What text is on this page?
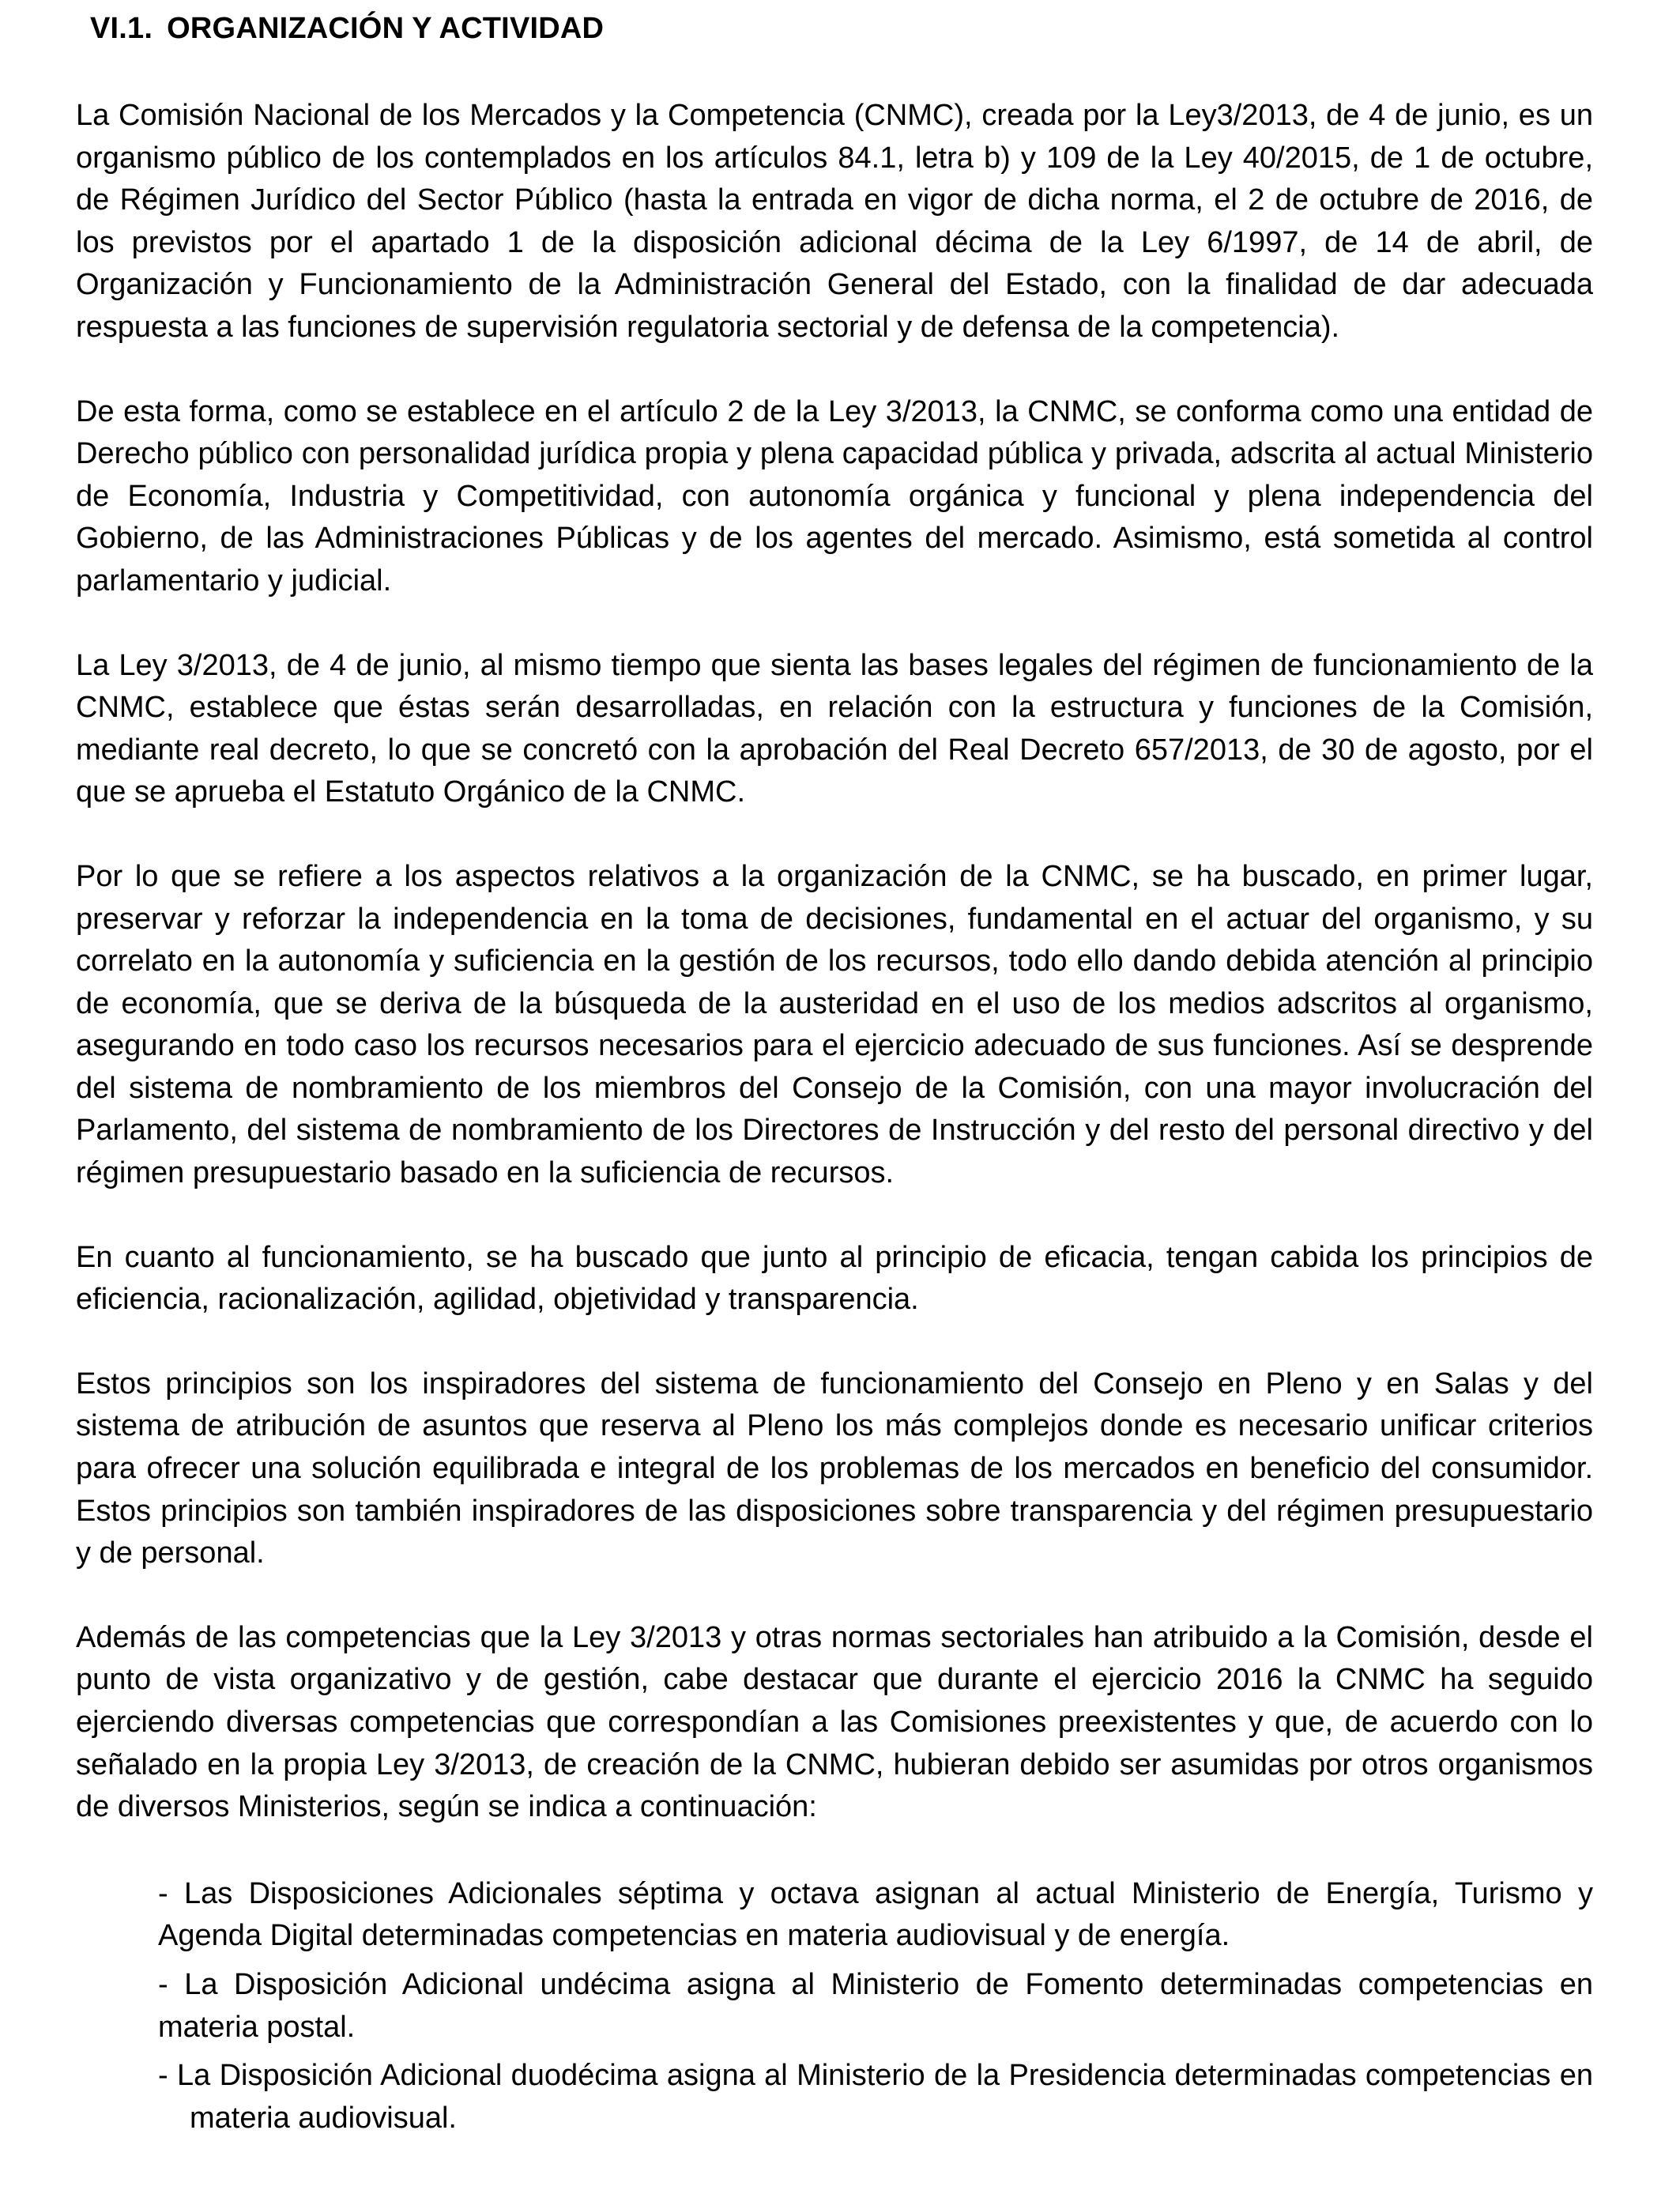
VI.1. ORGANIZACIÓN Y ACTIVIDAD

La Comisión Nacional de los Mercados y la Competencia (CNMC), creada por la Ley3/2013, de 4 de junio, es un organismo público de los contemplados en los artículos 84.1, letra b) y 109 de la Ley 40/2015, de 1 de octubre, de Régimen Jurídico del Sector Público (hasta la entrada en vigor de dicha norma, el 2 de octubre de 2016, de los previstos por el apartado 1 de la disposición adicional décima de la Ley 6/1997, de 14 de abril, de Organización y Funcionamiento de la Administración General del Estado, con la finalidad de dar adecuada respuesta a las funciones de supervisión regulatoria sectorial y de defensa de la competencia).

De esta forma, como se establece en el artículo 2 de la Ley 3/2013, la CNMC, se conforma como una entidad de Derecho público con personalidad jurídica propia y plena capacidad pública y privada, adscrita al actual Ministerio de Economía, Industria y Competitividad, con autonomía orgánica y funcional y plena independencia del Gobierno, de las Administraciones Públicas y de los agentes del mercado. Asimismo, está sometida al control parlamentario y judicial.

La Ley 3/2013, de 4 de junio, al mismo tiempo que sienta las bases legales del régimen de funcionamiento de la CNMC, establece que éstas serán desarrolladas, en relación con la estructura y funciones de la Comisión, mediante real decreto, lo que se concretó con la aprobación del Real Decreto 657/2013, de 30 de agosto, por el que se aprueba el Estatuto Orgánico de la CNMC.

Por lo que se refiere a los aspectos relativos a la organización de la CNMC, se ha buscado, en primer lugar, preservar y reforzar la independencia en la toma de decisiones, fundamental en el actuar del organismo, y su correlato en la autonomía y suficiencia en la gestión de los recursos, todo ello dando debida atención al principio de economía, que se deriva de la búsqueda de la austeridad en el uso de los medios adscritos al organismo, asegurando en todo caso los recursos necesarios para el ejercicio adecuado de sus funciones. Así se desprende del sistema de nombramiento de los miembros del Consejo de la Comisión, con una mayor involucración del Parlamento, del sistema de nombramiento de los Directores de Instrucción y del resto del personal directivo y del régimen presupuestario basado en la suficiencia de recursos.

En cuanto al funcionamiento, se ha buscado que junto al principio de eficacia, tengan cabida los principios de eficiencia, racionalización, agilidad, objetividad y transparencia.

Estos principios son los inspiradores del sistema de funcionamiento del Consejo en Pleno y en Salas y del sistema de atribución de asuntos que reserva al Pleno los más complejos donde es necesario unificar criterios para ofrecer una solución equilibrada e integral de los problemas de los mercados en beneficio del consumidor. Estos principios son también inspiradores de las disposiciones sobre transparencia y del régimen presupuestario y de personal.

Además de las competencias que la Ley 3/2013 y otras normas sectoriales han atribuido a la Comisión, desde el punto de vista organizativo y de gestión, cabe destacar que durante el ejercicio 2016 la CNMC ha seguido ejerciendo diversas competencias que correspondían a las Comisiones preexistentes y que, de acuerdo con lo señalado en la propia Ley 3/2013, de creación de la CNMC, hubieran debido ser asumidas por otros organismos de diversos Ministerios, según se indica a continuación:

- Las Disposiciones Adicionales séptima y octava asignan al actual Ministerio de Energía, Turismo y Agenda Digital determinadas competencias en materia audiovisual y de energía.
- La Disposición Adicional undécima asigna al Ministerio de Fomento determinadas competencias en materia postal.
- La Disposición Adicional duodécima asigna al Ministerio de la Presidencia determinadas competencias en materia audiovisual.
